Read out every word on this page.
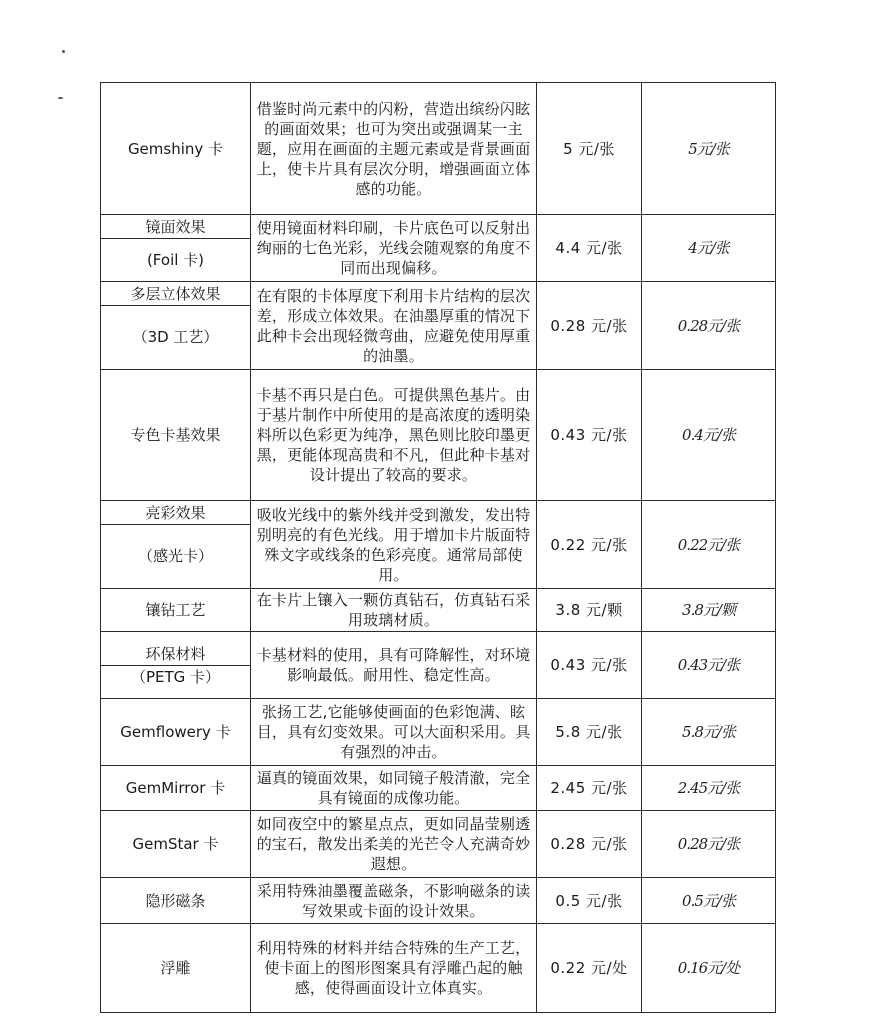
Gemshiny 卡	借鉴时尚元素中的闪粉，营造出缤纷闪眩的画面效果；也可为突出或强调某一主题，应用在画面的主题元素或是背景画面上，使卡片具有层次分明，增强画面立体感的功能。	5 元/张	5元/张

镜面效果
(Foil 卡)	使用镜面材料印刷，卡片底色可以反射出绚丽的七色光彩，光线会随观察的角度不同而出现偏移。	4.4 元/张	4元/张

多层立体效果
（3D 工艺）	在有限的卡体厚度下利用卡片结构的层次差，形成立体效果。在油墨厚重的情况下此种卡会出现轻微弯曲，应避免使用厚重的油墨。	0.28 元/张	0.28元/张
专色卡基效果	卡基不再只是白色。可提供黑色基片。由于基片制作中所使用的是高浓度的透明染料所以色彩更为纯净，黑色则比胶印墨更黑，更能体现高贵和不凡，但此种卡基对设计提出了较高的要求。	0.43 元/张	0.4元/张

亮彩效果
（感光卡）	吸收光线中的紫外线并受到激发，发出特别明亮的有色光线。用于增加卡片版面特殊文字或线条的色彩亮度。通常局部使用。	0.22 元/张	0.22元/张
镶钻工艺	在卡片上镶入一颗仿真钻石，仿真钻石采用玻璃材质。	3.8 元/颗	3.8元/颗

环保材料
（PETG 卡）	卡基材料的使用，具有可降解性，对环境影响最低。耐用性、稳定性高。	0.43 元/张	0.43元/张
Gemflowery 卡	张扬工艺,它能够使画面的色彩饱满、眩目，具有幻变效果。可以大面积采用。具有强烈的冲击。	5.8 元/张	5.8元/张
GemMirror 卡	逼真的镜面效果，如同镜子般清澈，完全具有镜面的成像功能。	2.45 元/张	2.45元/张
GemStar 卡	如同夜空中的繁星点点，更如同晶莹剔透的宝石，散发出柔美的光芒令人充满奇妙遐想。	0.28 元/张	0.28元/张
隐形磁条	采用特殊油墨覆盖磁条，不影响磁条的读写效果或卡面的设计效果。	0.5 元/张	0.5元/张
浮雕	利用特殊的材料并结合特殊的生产工艺，使卡面上的图形图案具有浮雕凸起的触感，使得画面设计立体真实。	0.22 元/处	0.16元/处
